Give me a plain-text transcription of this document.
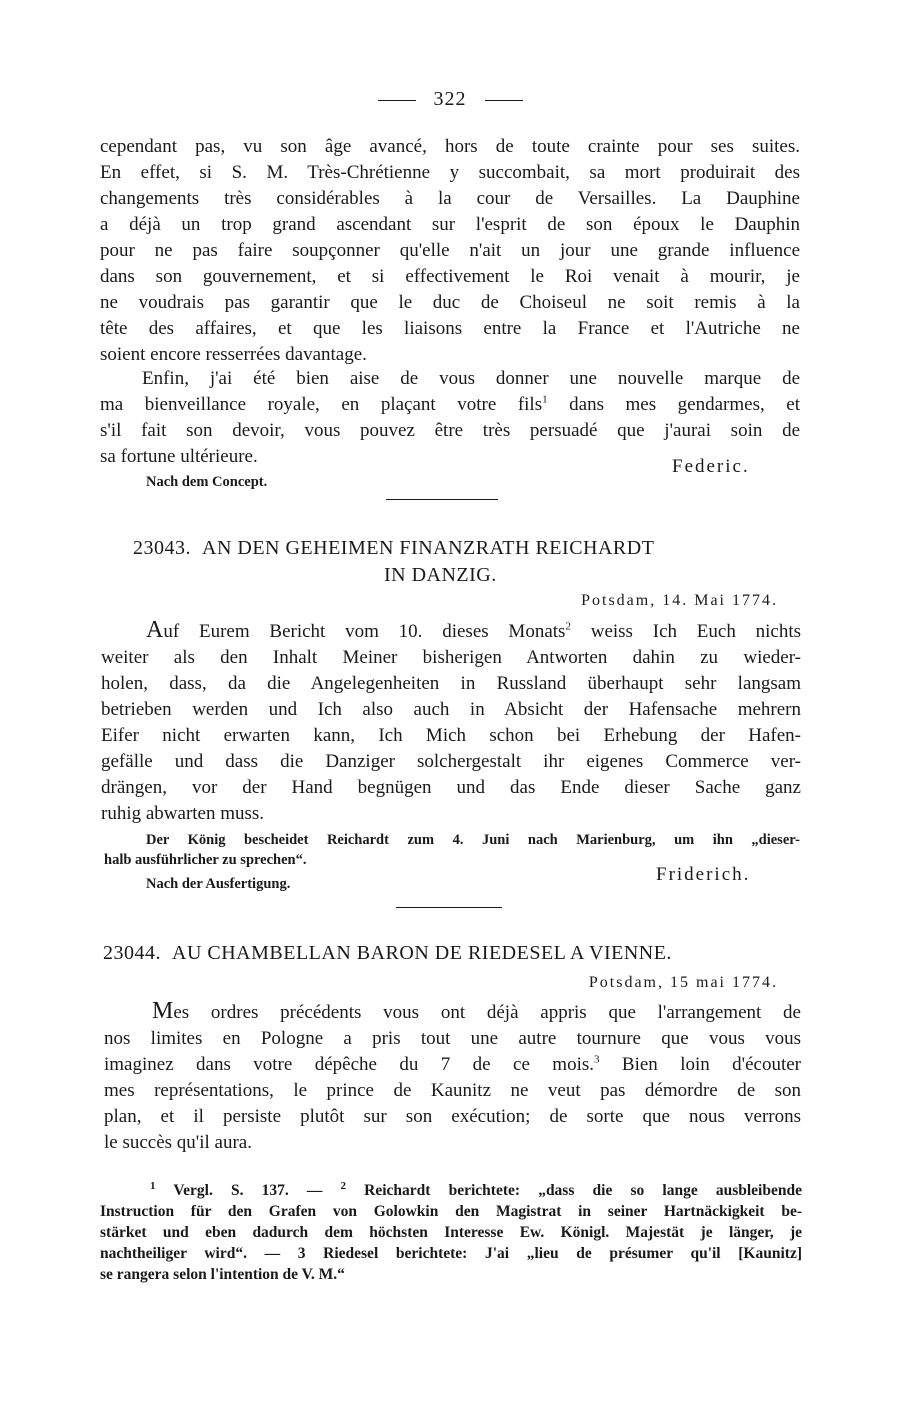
322
cependant pas, vu son âge avancé, hors de toute crainte pour ses suites.
En effet, si S. M. Très-Chrétienne y succombait, sa mort produirait des
changements très considérables à la cour de Versailles. La Dauphine
a déjà un trop grand ascendant sur l'esprit de son époux le Dauphin
pour ne pas faire soupçonner qu'elle n'ait un jour une grande influence
dans son gouvernement, et si effectivement le Roi venait à mourir, je
ne voudrais pas garantir que le duc de Choiseul ne soit remis à la
tête des affaires, et que les liaisons entre la France et l'Autriche ne
soient encore resserrées davantage.
Enfin, j'ai été bien aise de vous donner une nouvelle marque de
ma bienveillance royale, en plaçant votre fils$^1$ dans mes gendarmes, et
s'il fait son devoir, vous pouvez être très persuadé que j'aurai soin de
sa fortune ultérieure.	Federic.
Nach dem Concept.
23043. AN DEN GEHEIMEN FINANZRATH REICHARDT
IN DANZIG.
Potsdam, 14. Mai 1774.
Auf Eurem Bericht vom 10. dieses Monats$^2$ weiss Ich Euch nichts
weiter als den Inhalt Meiner bisherigen Antworten dahin zu wieder-
holen, dass, da die Angelegenheiten in Russland überhaupt sehr langsam
betrieben werden und Ich also auch in Absicht der Hafensache mehrern
Eifer nicht erwarten kann, Ich Mich schon bei Erhebung der Hafen-
gefälle und dass die Danziger solchergestalt ihr eigenes Commerce ver-
drängen, vor der Hand begnügen und das Ende dieser Sache ganz
ruhig abwarten muss.
Der König bescheidet Reichardt zum 4. Juni nach Marienburg, um ihn „dieser-
halb ausführlicher zu sprechen“.
Friderich.
Nach der Ausfertigung.
23044. AU CHAMBELLAN BARON DE RIEDESEL A VIENNE.
Potsdam, 15 mai 1774.
Mes ordres précédents vous ont déjà appris que l'arrangement de
nos limites en Pologne a pris tout une autre tournure que vous vous
imaginez dans votre dépêche du 7 de ce mois.$^3$ Bien loin d'écouter
mes représentations, le prince de Kaunitz ne veut pas démordre de son
plan, et il persiste plutôt sur son exécution; de sorte que nous verrons
le succès qu'il aura.
$^1$ Vergl. S. 137. — $^2$ Reichardt berichtete: „dass die so lange ausbleibende
Instruction für den Grafen von Golowkin den Magistrat in seiner Hartnäckigkeit be-
stärket und eben dadurch dem höchsten Interesse Ew. Königl. Majestät je länger, je
nachtheiliger wird“. — 3 Riedesel berichtete: J'ai „lieu de présumer qu'il [Kaunitz]
se rangera selon l'intention de V. M.“
